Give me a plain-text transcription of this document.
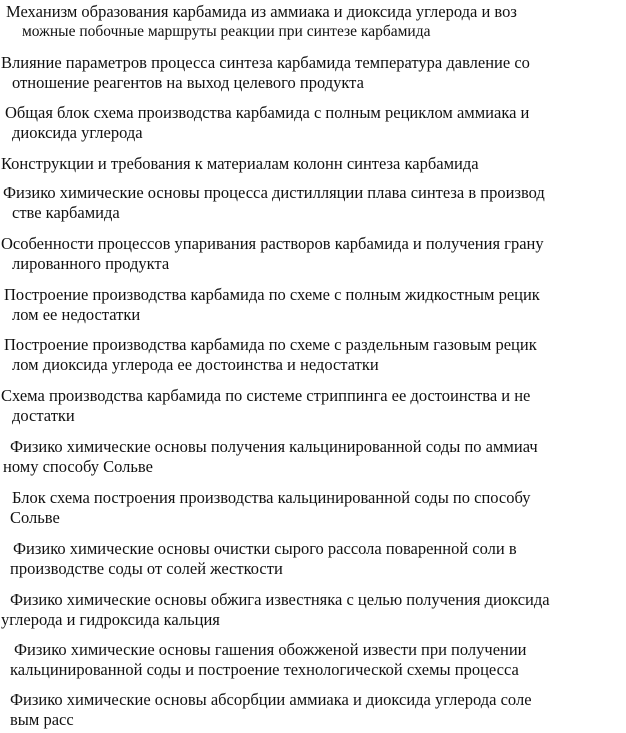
Механизм образования карбамида из аммиака и диоксида углерода и воз
можные побочные маршруты реакции при синтезе карбамида
Влияние параметров процесса синтеза карбамида температура давление со
отношение реагентов на выход целевого продукта
Общая блок схема производства карбамида с полным рециклом аммиака и
диоксида углерода
Конструкции и требования к материалам колонн синтеза карбамида
Физико химические основы процесса дистилляции плава синтеза в производ
стве карбамида
Особенности процессов упаривания растворов карбамида и получения грану
лированного продукта
Построение производства карбамида по схеме с полным жидкостным рецик
лом ее недостатки
Построение производства карбамида по схеме с раздельным газовым рецик
лом диоксида углерода ее достоинства и недостатки
Схема производства карбамида по системе стриппинга ее достоинства и не
достатки
Физико химические основы получения кальцинированной соды по аммиач
ному способу Сольве
Блок схема построения производства кальцинированной соды по способу
Сольве
Физико химические основы очистки сырого рассола поваренной соли в
производстве соды от солей жесткости
Физико химические основы обжига известняка с целью получения диоксида
углерода и гидроксида кальция
Физико химические основы гашения обожженой извести при получении
кальцинированной соды и построение технологической схемы процесса
Физико химические основы абсорбции аммиака и диоксида углерода соле
вым расс
